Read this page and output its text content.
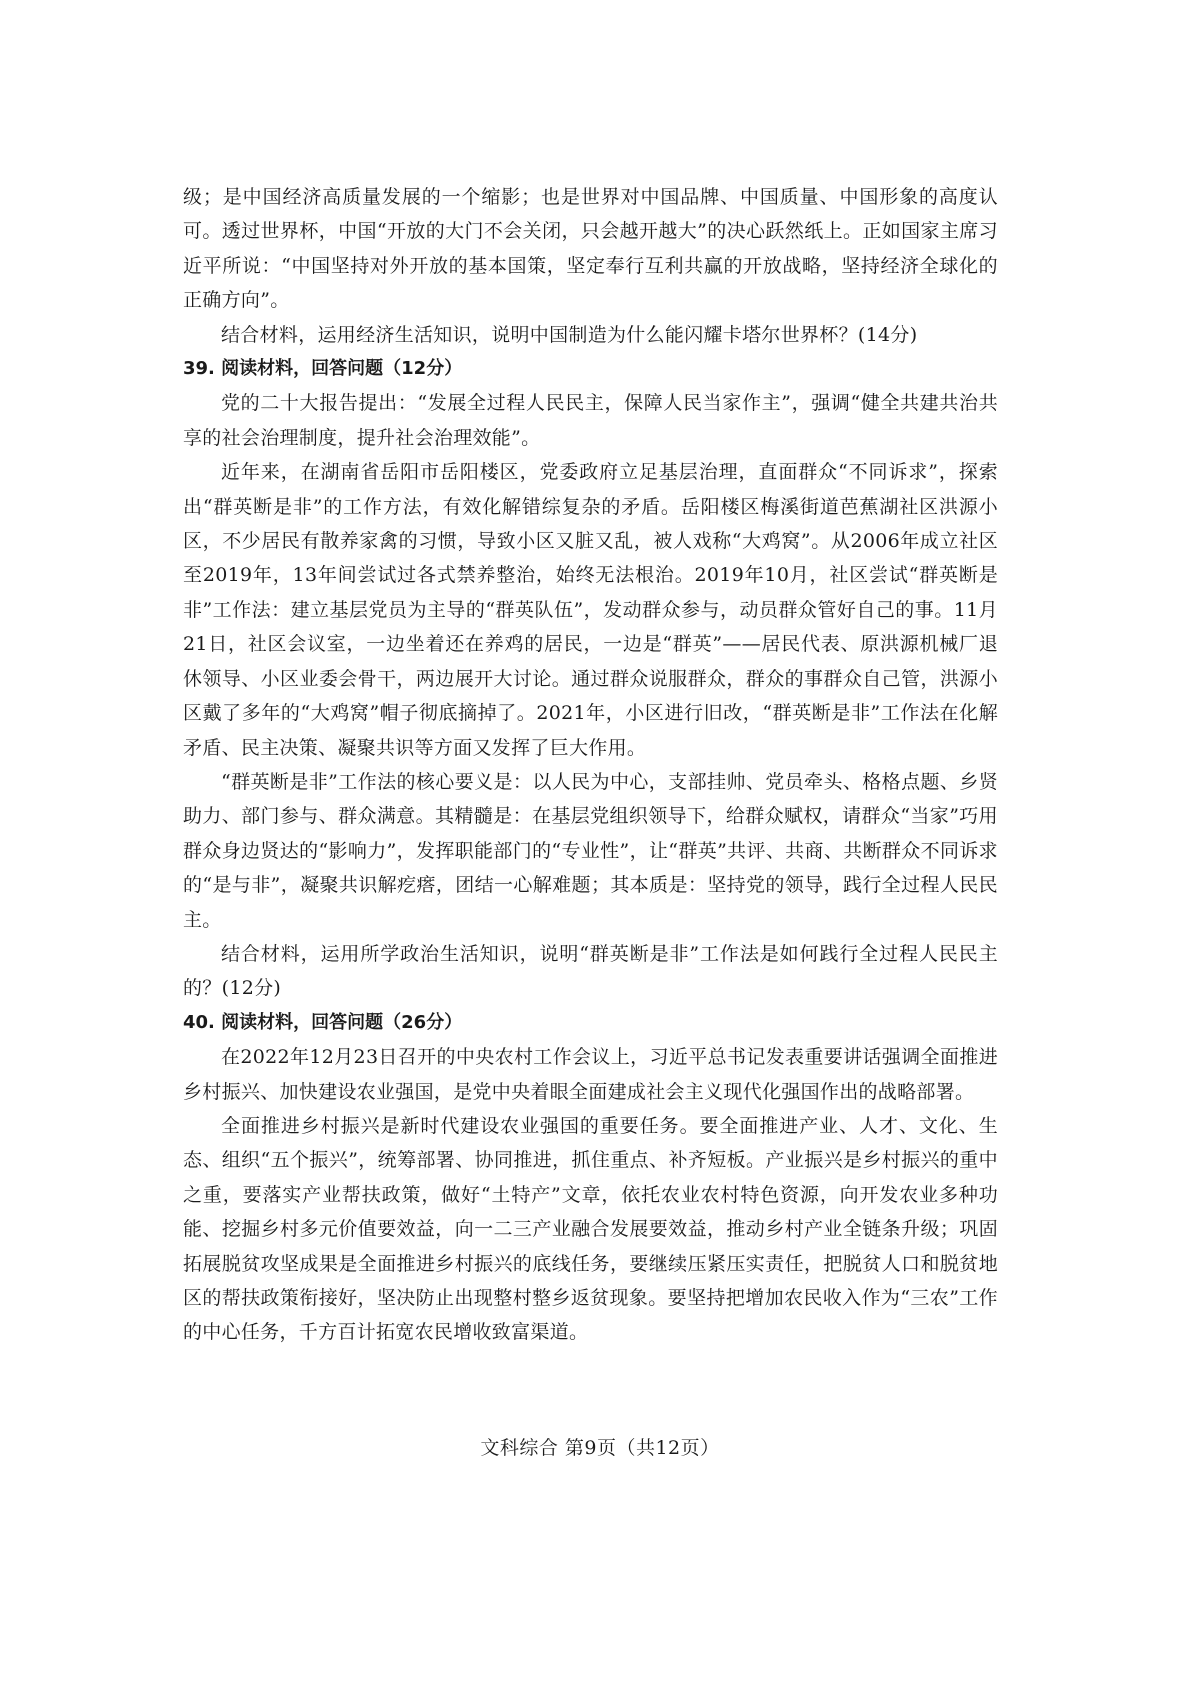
级；是中国经济高质量发展的一个缩影；也是世界对中国品牌、中国质量、中国形象的高度认可。透过世界杯，中国“开放的大门不会关闭，只会越开越大”的决心跃然纸上。正如国家主席习近平所说：“中国坚持对外开放的基本国策，坚定奉行互利共赢的开放战略，坚持经济全球化的正确方向”。

结合材料，运用经济生活知识，说明中国制造为什么能闪耀卡塔尔世界杯？(14分)

39. 阅读材料，回答问题（12分）

党的二十大报告提出：“发展全过程人民民主，保障人民当家作主”，强调“健全共建共治共享的社会治理制度，提升社会治理效能”。

近年来，在湖南省岳阳市岳阳楼区，党委政府立足基层治理，直面群众“不同诉求”，探索出“群英断是非”的工作方法，有效化解错综复杂的矛盾。岳阳楼区梅溪街道芭蕉湖社区洪源小区，不少居民有散养家禽的习惯，导致小区又脏又乱，被人戏称“大鸡窝”。从2006年成立社区至2019年，13年间尝试过各式禁养整治，始终无法根治。2019年10月，社区尝试“群英断是非”工作法：建立基层党员为主导的“群英队伍”，发动群众参与，动员群众管好自己的事。11月21日，社区会议室，一边坐着还在养鸡的居民，一边是“群英”——居民代表、原洪源机械厂退休领导、小区业委会骨干，两边展开大讨论。通过群众说服群众，群众的事群众自己管，洪源小区戴了多年的“大鸡窝”帽子彻底摘掉了。2021年，小区进行旧改，“群英断是非”工作法在化解矛盾、民主决策、凝聚共识等方面又发挥了巨大作用。

“群英断是非”工作法的核心要义是：以人民为中心，支部挂帅、党员牵头、格格点题、乡贤助力、部门参与、群众满意。其精髓是：在基层党组织领导下，给群众赋权，请群众“当家”巧用群众身边贤达的“影响力”，发挥职能部门的“专业性”，让“群英”共评、共商、共断群众不同诉求的“是与非”，凝聚共识解疙瘩，团结一心解难题；其本质是：坚持党的领导，践行全过程人民民主。

结合材料，运用所学政治生活知识，说明“群英断是非”工作法是如何践行全过程人民民主的？(12分)

40. 阅读材料，回答问题（26分）

在2022年12月23日召开的中央农村工作会议上，习近平总书记发表重要讲话强调全面推进乡村振兴、加快建设农业强国，是党中央着眼全面建成社会主义现代化强国作出的战略部署。

全面推进乡村振兴是新时代建设农业强国的重要任务。要全面推进产业、人才、文化、生态、组织“五个振兴”，统筹部署、协同推进，抓住重点、补齐短板。产业振兴是乡村振兴的重中之重，要落实产业帮扶政策，做好“土特产”文章，依托农业农村特色资源，向开发农业多种功能、挖掘乡村多元价值要效益，向一二三产业融合发展要效益，推动乡村产业全链条升级；巩固拓展脱贫攻坚成果是全面推进乡村振兴的底线任务，要继续压紧压实责任，把脱贫人口和脱贫地区的帮扶政策衔接好，坚决防止出现整村整乡返贫现象。要坚持把增加农民收入作为“三农”工作的中心任务，千方百计拓宽农民增收致富渠道。

文科综合 第9页（共12页）
